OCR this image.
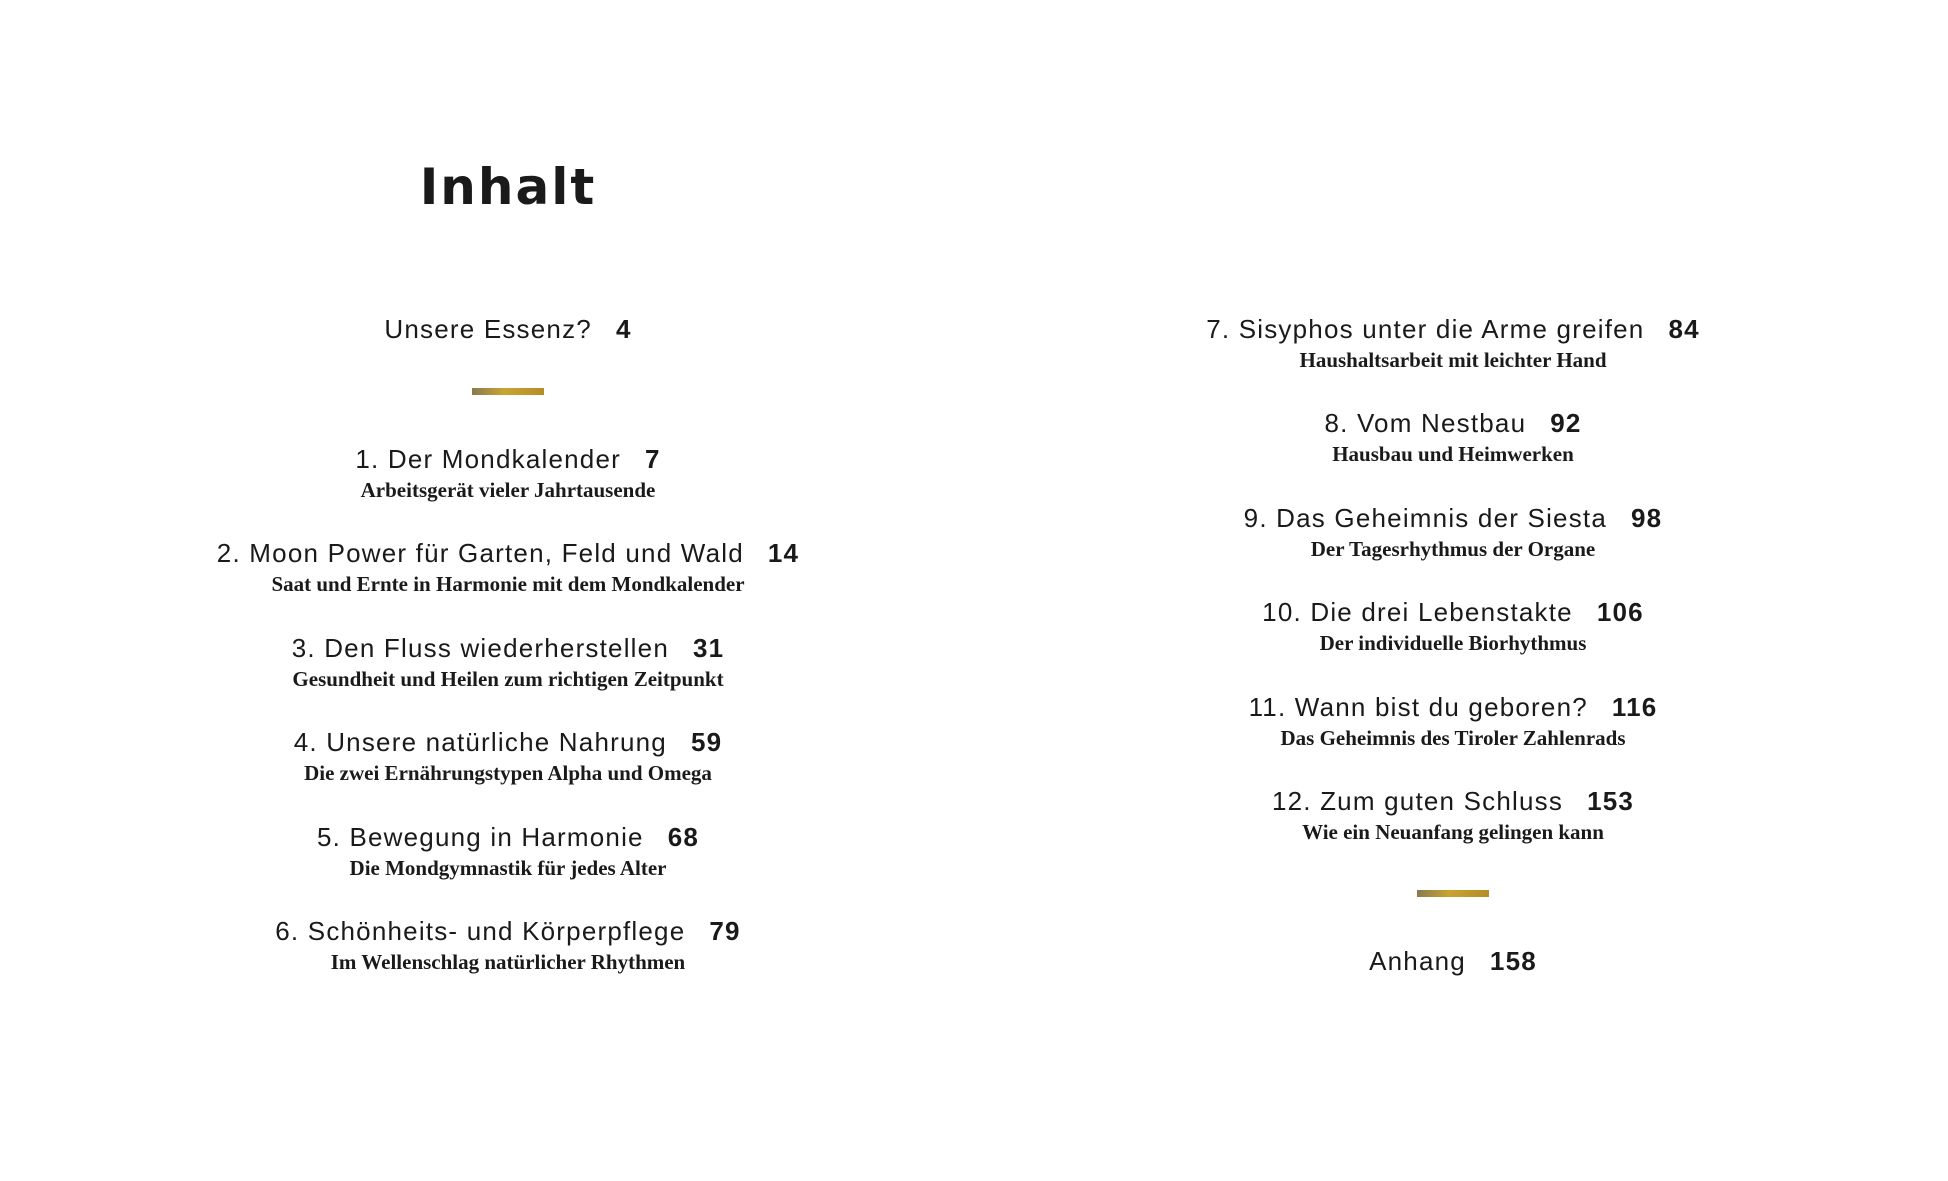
Inhalt
Unsere Essenz? 4
1. Der Mondkalender 7
Arbeitsgerät vieler Jahrtausende
2. Moon Power für Garten, Feld und Wald 14
Saat und Ernte in Harmonie mit dem Mondkalender
3. Den Fluss wiederherstellen 31
Gesundheit und Heilen zum richtigen Zeitpunkt
4. Unsere natürliche Nahrung 59
Die zwei Ernährungstypen Alpha und Omega
5. Bewegung in Harmonie 68
Die Mondgymnastik für jedes Alter
6. Schönheits- und Körperpflege 79
Im Wellenschlag natürlicher Rhythmen
7. Sisyphos unter die Arme greifen 84
Haushaltsarbeit mit leichter Hand
8. Vom Nestbau 92
Hausbau und Heimwerken
9. Das Geheimnis der Siesta 98
Der Tagesrhythmus der Organe
10. Die drei Lebenstakte 106
Der individuelle Biorhythmus
11. Wann bist du geboren? 116
Das Geheimnis des Tiroler Zahlenrads
12. Zum guten Schluss 153
Wie ein Neuanfang gelingen kann
Anhang 158
